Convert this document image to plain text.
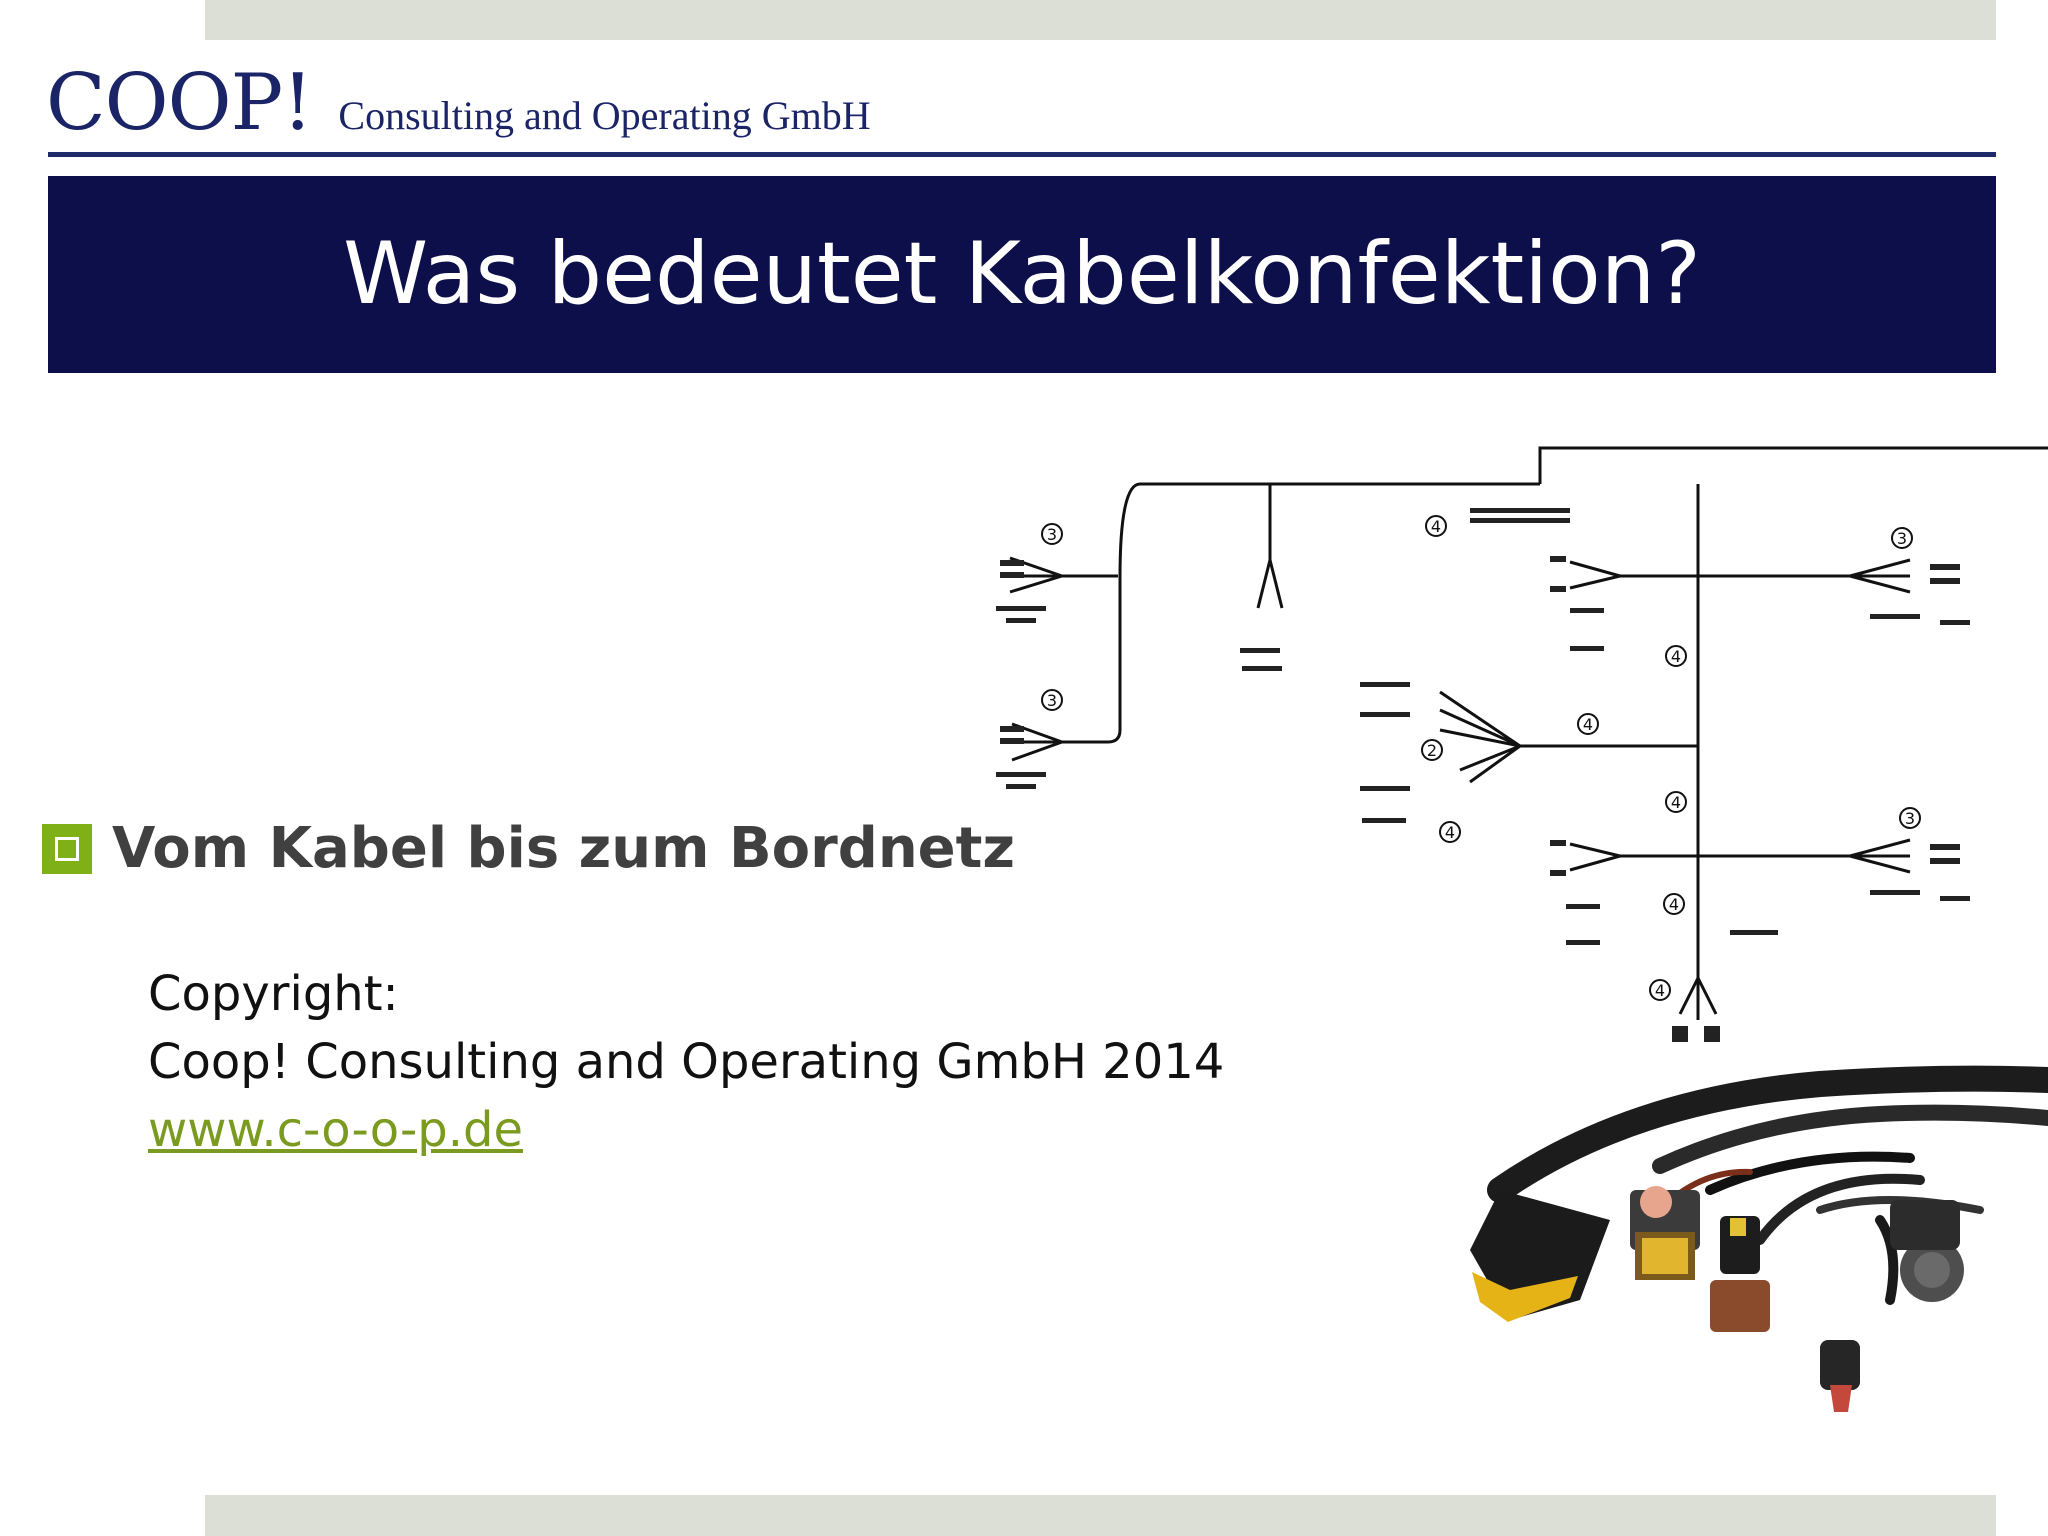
COOP! Consulting and Operating GmbH
Was bedeutet Kabelkonfektion?
Vom Kabel bis zum Bordnetz
Copyright:
Coop! Consulting and Operating GmbH 2014
www.c-o-o-p.de
3
3
4
3
4
4
2
4
4
3
4
4
